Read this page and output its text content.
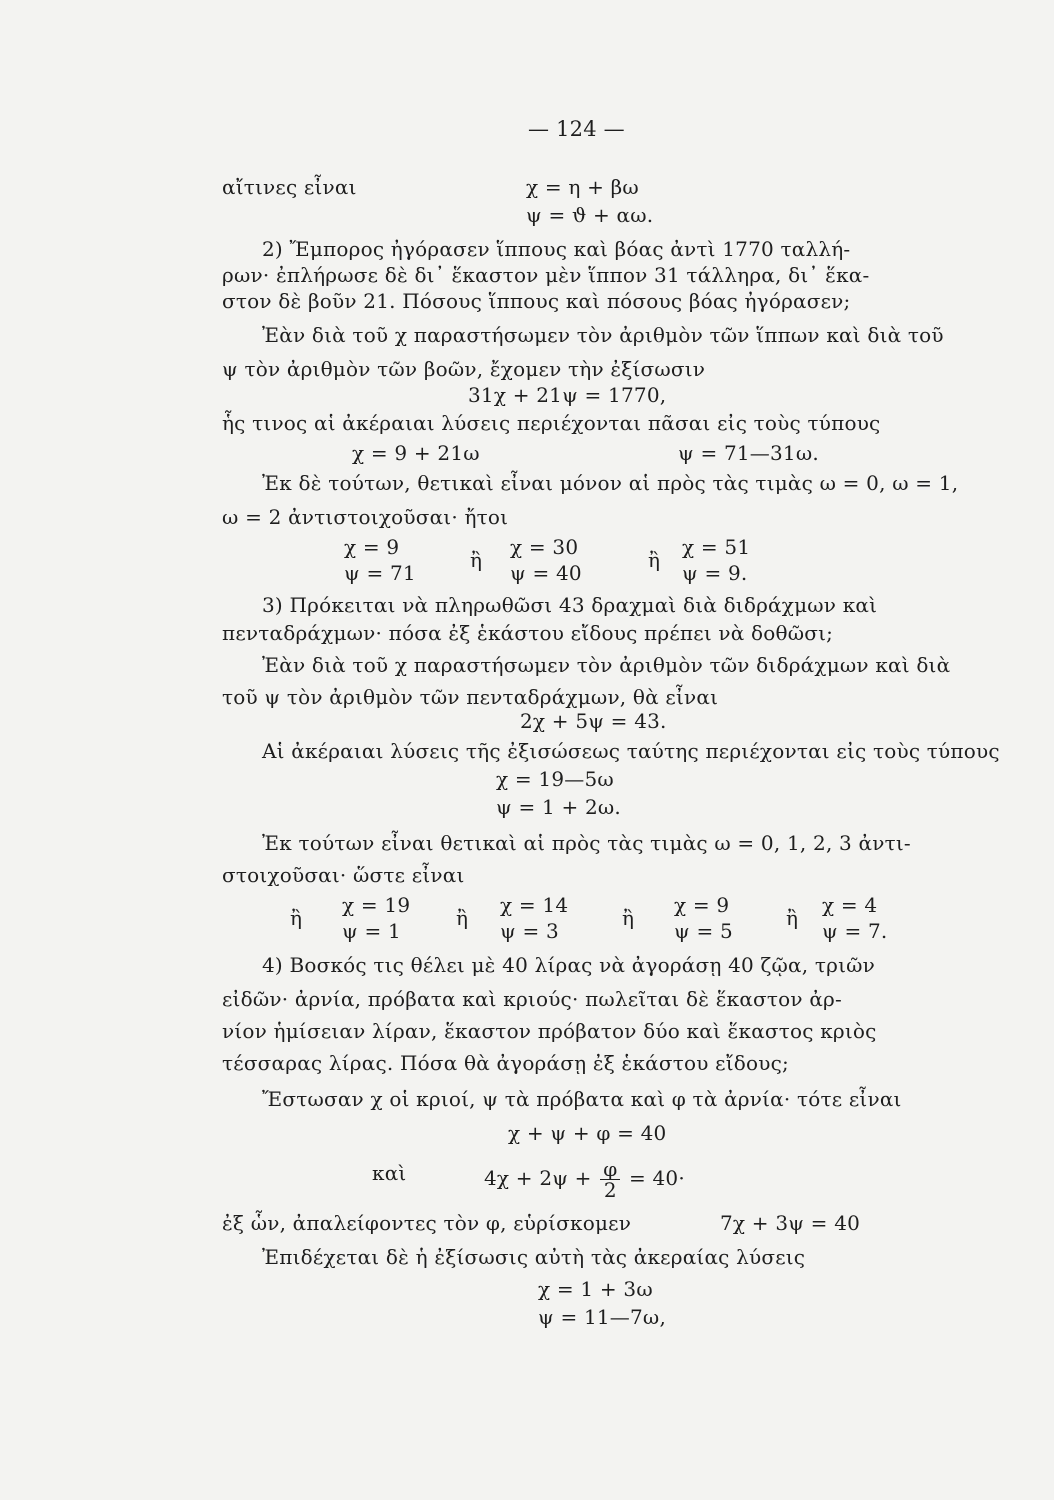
— 124 —
αἴτινες εἶναι	χ = η + βω
ψ = ϑ + αω.
2) Ἔμπορος ἠγόρασεν ἵππους καὶ βόας ἀντὶ 1770 ταλλή-
ρων· ἐπλήρωσε δὲ δι᾽ ἕκαστον μὲν ἵππον 31 τάλληρα, δι᾽ ἕκα-
στον δὲ βοῦν 21. Πόσους ἵππους καὶ πόσους βόας ἠγόρασεν;
Ἐὰν διὰ τοῦ χ παραστήσωμεν τὸν ἀριθμὸν τῶν ἵππων καὶ διὰ τοῦ
ψ τὸν ἀριθμὸν τῶν βοῶν, ἔχομεν τὴν ἐξίσωσιν
31χ + 21ψ = 1770,
ἧς τινος αἱ ἀκέραιαι λύσεις περιέχονται πᾶσαι εἰς τοὺς τύπους
χ = 9 + 21ω	ψ = 71—31ω.
Ἐκ δὲ τούτων, θετικαὶ εἶναι μόνον αἱ πρὸς τὰς τιμὰς ω = 0, ω = 1,
ω = 2 ἀντιστοιχοῦσαι· ἤτοι
χ = 9
ψ = 71
ἢ
χ = 30
ψ = 40
ἢ
χ = 51
ψ = 9.
3) Πρόκειται νὰ πληρωθῶσι 43 δραχμαὶ διὰ διδράχμων καὶ
πενταδράχμων· πόσα ἐξ ἑκάστου εἴδους πρέπει νὰ δοθῶσι;
Ἐὰν διὰ τοῦ χ παραστήσωμεν τὸν ἀριθμὸν τῶν διδράχμων καὶ διὰ
τοῦ ψ τὸν ἀριθμὸν τῶν πενταδράχμων, θὰ εἶναι
2χ + 5ψ = 43.
Αἱ ἀκέραιαι λύσεις τῆς ἐξισώσεως ταύτης περιέχονται εἰς τοὺς τύπους
χ = 19—5ω
ψ = 1 + 2ω.
Ἐκ τούτων εἶναι θετικαὶ αἱ πρὸς τὰς τιμὰς ω = 0, 1, 2, 3 ἀντι-
στοιχοῦσαι· ὥστε εἶναι
ἢ
χ = 19
ψ = 1
ἢ
χ = 14
ψ = 3
ἢ
χ = 9
ψ = 5
ἢ
χ = 4
ψ = 7.
4) Βοσκός τις θέλει μὲ 40 λίρας νὰ ἀγοράσῃ 40 ζῷα, τριῶν
εἰδῶν· ἀρνία, πρόβατα καὶ κριούς· πωλεῖται δὲ ἕκαστον ἀρ-
νίον ἡμίσειαν λίραν, ἕκαστον πρόβατον δύο καὶ ἕκαστος κριὸς
τέσσαρας λίρας. Πόσα θὰ ἀγοράσῃ ἐξ ἑκάστου εἴδους;
Ἔστωσαν χ οἱ κριοί, ψ τὰ πρόβατα καὶ φ τὰ ἀρνία· τότε εἶναι
χ + ψ + φ = 40
καὶ	$4\chi + 2\psi + \frac{\varphi}{2} = 40\cdot$
ἐξ ὧν, ἀπαλείφοντες τὸν φ, εὑρίσκομεν	7χ + 3ψ = 40
Ἐπιδέχεται δὲ ἡ ἐξίσωσις αὐτὴ τὰς ἀκεραίας λύσεις
χ = 1 + 3ω
ψ = 11—7ω,
